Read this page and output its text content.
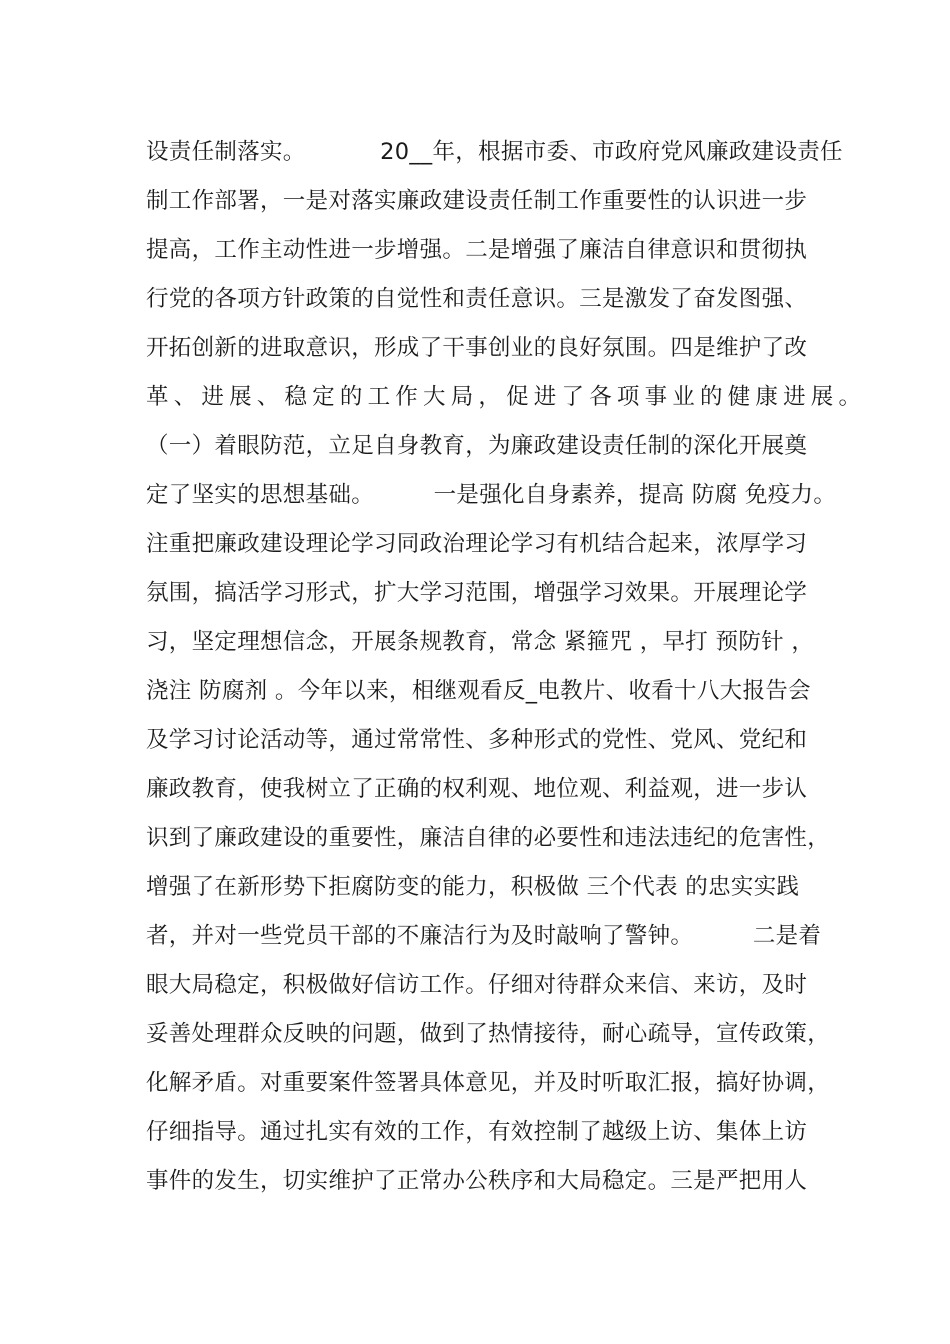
设责任制落实。          20__年，根据市委、市政府党风廉政建设责任
制工作部署，一是对落实廉政建设责任制工作重要性的认识进一步
提高，工作主动性进一步增强。二是增强了廉洁自律意识和贯彻执
行党的各项方针政策的自觉性和责任意识。三是激发了奋发图强、
开拓创新的进取意识，形成了干事创业的良好氛围。四是维护了改
革、进展、稳定的工作大局，促进了各项事业的健康进展。
（一）着眼防范，立足自身教育，为廉政建设责任制的深化开展奠
定了坚实的思想基础。        一是强化自身素养，提高 防腐 免疫力。
注重把廉政建设理论学习同政治理论学习有机结合起来，浓厚学习
氛围，搞活学习形式，扩大学习范围，增强学习效果。开展理论学
习，坚定理想信念，开展条规教育，常念 紧箍咒 ，早打 预防针 ，
浇注 防腐剂 。今年以来，相继观看反_电教片、收看十八大报告会
及学习讨论活动等，通过常常性、多种形式的党性、党风、党纪和
廉政教育，使我树立了正确的权利观、地位观、利益观，进一步认
识到了廉政建设的重要性，廉洁自律的必要性和违法违纪的危害性，
增强了在新形势下拒腐防变的能力，积极做 三个代表 的忠实实践
者，并对一些党员干部的不廉洁行为及时敲响了警钟。        二是着
眼大局稳定，积极做好信访工作。仔细对待群众来信、来访，及时
妥善处理群众反映的问题，做到了热情接待，耐心疏导，宣传政策，
化解矛盾。对重要案件签署具体意见，并及时听取汇报，搞好协调，
仔细指导。通过扎实有效的工作，有效控制了越级上访、集体上访
事件的发生，切实维护了正常办公秩序和大局稳定。三是严把用人
